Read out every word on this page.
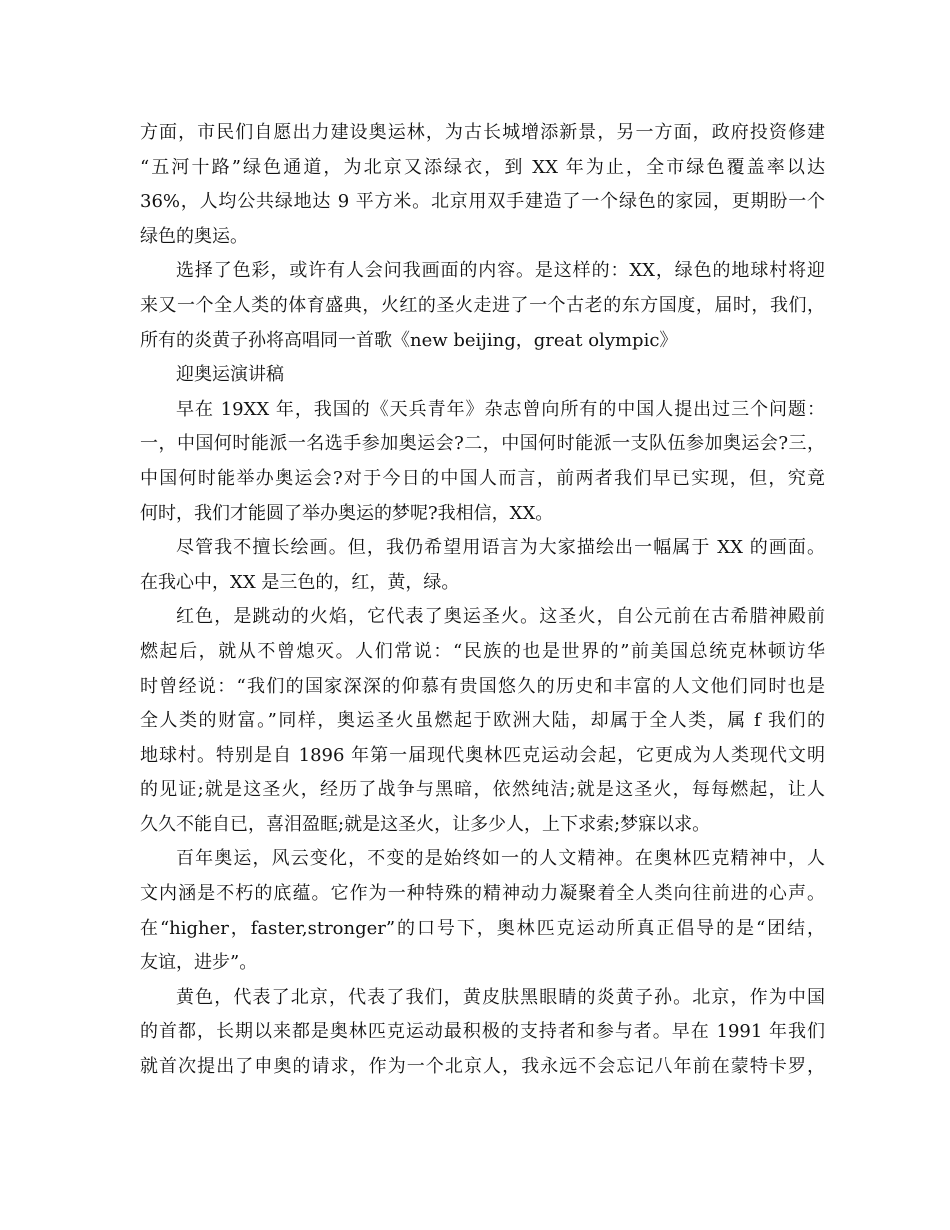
方面，市民们自愿出力建设奥运林，为古长城增添新景，另一方面，政府投资修建
“五河十路”绿色通道，为北京又添绿衣，到 XX 年为止，全市绿色覆盖率以达
36%，人均公共绿地达 9 平方米。北京用双手建造了一个绿色的家园，更期盼一个
绿色的奥运。
选择了色彩，或许有人会问我画面的内容。是这样的：XX，绿色的地球村将迎
来又一个全人类的体育盛典，火红的圣火走进了一个古老的东方国度，届时，我们，
所有的炎黄子孙将高唱同一首歌《new beijing，great olympic》
迎奥运演讲稿
早在 19XX 年，我国的《天兵青年》杂志曾向所有的中国人提出过三个问题：
一，中国何时能派一名选手参加奥运会?二，中国何时能派一支队伍参加奥运会?三，
中国何时能举办奥运会?对于今日的中国人而言，前两者我们早已实现，但，究竟
何时，我们才能圆了举办奥运的梦呢?我相信，XX。
尽管我不擅长绘画。但，我仍希望用语言为大家描绘出一幅属于 XX 的画面。
在我心中，XX 是三色的，红，黄，绿。
红色，是跳动的火焰，它代表了奥运圣火。这圣火，自公元前在古希腊神殿前
燃起后，就从不曾熄灭。人们常说：“民族的也是世界的”前美国总统克林顿访华
时曾经说：“我们的国家深深的仰慕有贵国悠久的历史和丰富的人文他们同时也是
全人类的财富。”同样，奥运圣火虽燃起于欧洲大陆，却属于全人类，属 f 我们的
地球村。特别是自 1896 年第一届现代奥林匹克运动会起，它更成为人类现代文明
的见证;就是这圣火，经历了战争与黑暗，依然纯洁;就是这圣火，每每燃起，让人
久久不能自已，喜泪盈眶;就是这圣火，让多少人，上下求索;梦寐以求。
百年奥运，风云变化，不变的是始终如一的人文精神。在奥林匹克精神中，人
文内涵是不朽的底蕴。它作为一种特殊的精神动力凝聚着全人类向往前进的心声。
在“higher，faster,stronger”的口号下，奥林匹克运动所真正倡导的是“团结，
友谊，进步”。
黄色，代表了北京，代表了我们，黄皮肤黑眼睛的炎黄子孙。北京，作为中国
的首都，长期以来都是奥林匹克运动最积极的支持者和参与者。早在 1991 年我们
就首次提出了申奥的请求，作为一个北京人，我永远不会忘记八年前在蒙特卡罗，
